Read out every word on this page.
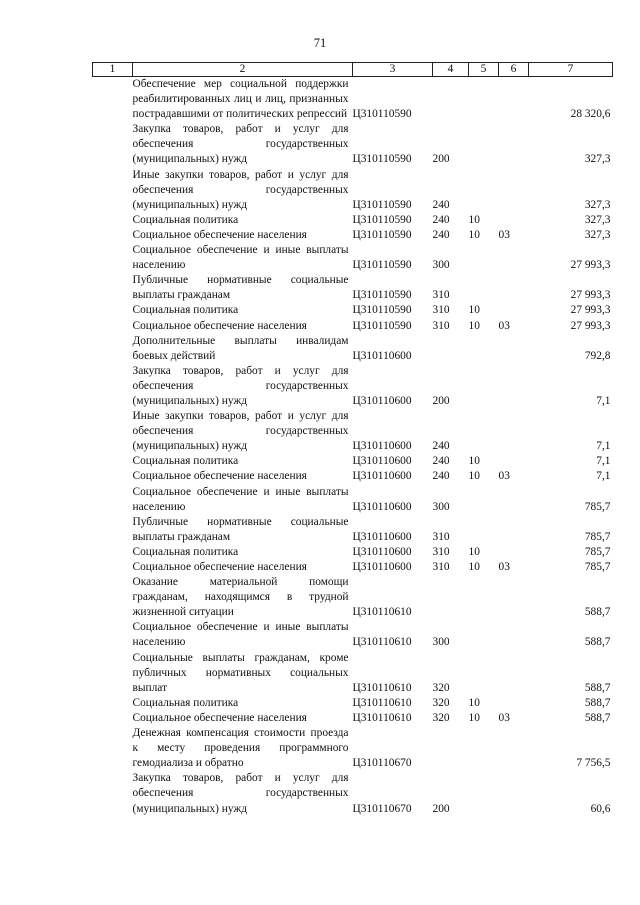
71
1	2	3	4	5	6	7
	Обеспечение мер социальной поддержки реабилитированных лиц и лиц, признанных пострадавшими от политических репрессий	Ц310110590				28 320,6
	Закупка товаров, работ и услуг для обеспечения государственных (муниципальных) нужд	Ц310110590	200			327,3
	Иные закупки товаров, работ и услуг для обеспечения государственных (муниципальных) нужд	Ц310110590	240			327,3
	Социальная политика	Ц310110590	240	10		327,3
	Социальное обеспечение населения	Ц310110590	240	10	03	327,3
	Социальное обеспечение и иные выплаты населению	Ц310110590	300			27 993,3
	Публичные нормативные социальные выплаты гражданам	Ц310110590	310			27 993,3
	Социальная политика	Ц310110590	310	10		27 993,3
	Социальное обеспечение населения	Ц310110590	310	10	03	27 993,3
	Дополнительные выплаты инвалидам боевых действий	Ц310110600				792,8
	Закупка товаров, работ и услуг для обеспечения государственных (муниципальных) нужд	Ц310110600	200			7,1
	Иные закупки товаров, работ и услуг для обеспечения государственных (муниципальных) нужд	Ц310110600	240			7,1
	Социальная политика	Ц310110600	240	10		7,1
	Социальное обеспечение населения	Ц310110600	240	10	03	7,1
	Социальное обеспечение и иные выплаты населению	Ц310110600	300			785,7
	Публичные нормативные социальные выплаты гражданам	Ц310110600	310			785,7
	Социальная политика	Ц310110600	310	10		785,7
	Социальное обеспечение населения	Ц310110600	310	10	03	785,7
	Оказание материальной помощи гражданам, находящимся в трудной жизненной ситуации	Ц310110610				588,7
	Социальное обеспечение и иные выплаты населению	Ц310110610	300			588,7
	Социальные выплаты гражданам, кроме публичных нормативных социальных выплат	Ц310110610	320			588,7
	Социальная политика	Ц310110610	320	10		588,7
	Социальное обеспечение населения	Ц310110610	320	10	03	588,7
	Денежная компенсация стоимости проезда к месту проведения программного гемодиализа и обратно	Ц310110670				7 756,5
	Закупка товаров, работ и услуг для обеспечения государственных (муниципальных) нужд	Ц310110670	200			60,6
